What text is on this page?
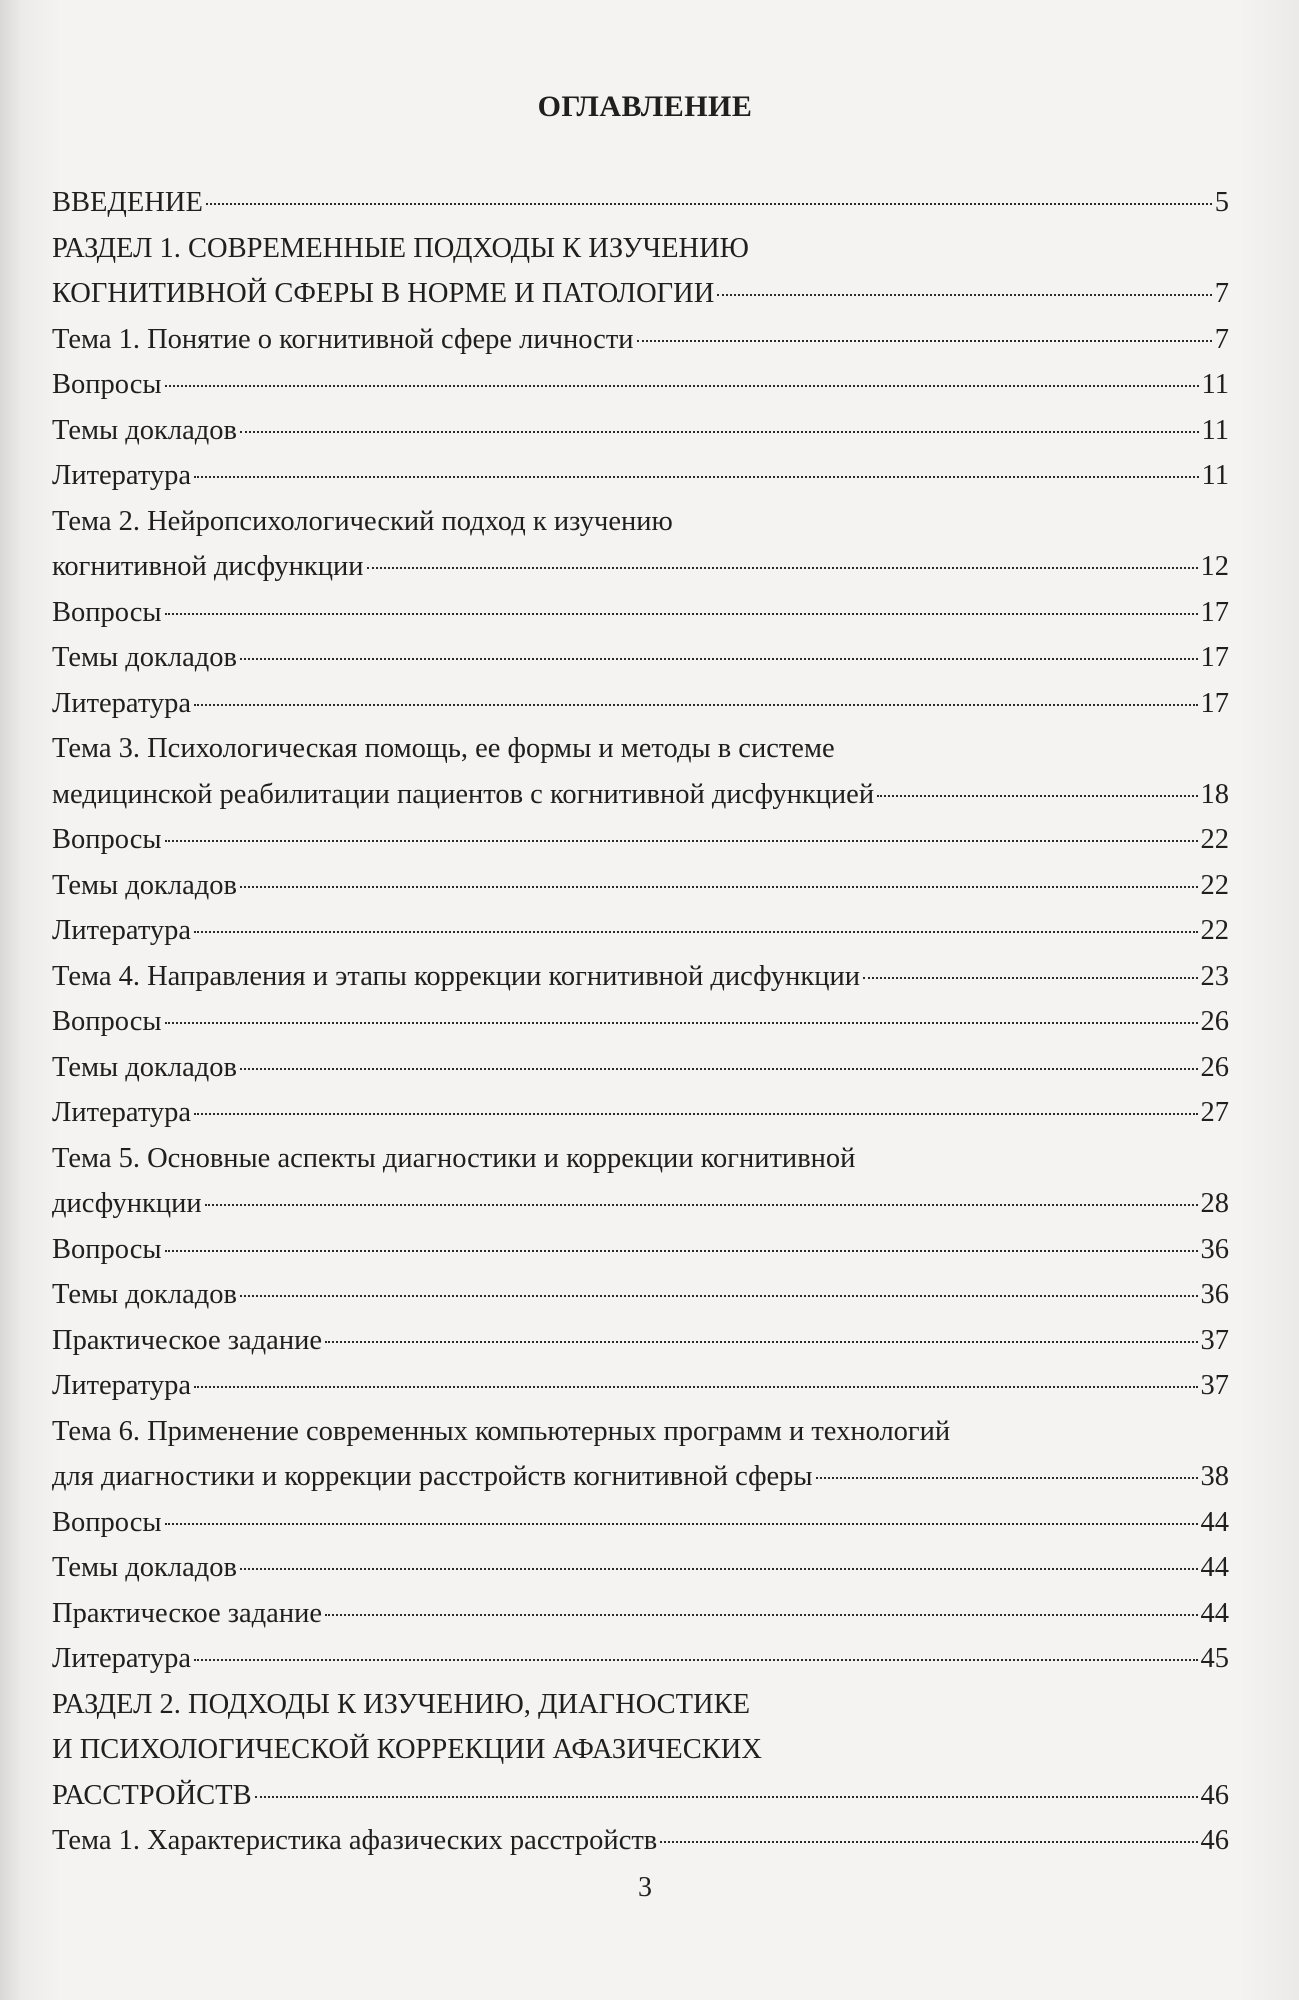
ОГЛАВЛЕНИЕ
ВВЕДЕНИЕ	5
РАЗДЕЛ 1. СОВРЕМЕННЫЕ ПОДХОДЫ К ИЗУЧЕНИЮ
КОГНИТИВНОЙ СФЕРЫ В НОРМЕ И ПАТОЛОГИИ	7
Тема 1. Понятие о когнитивной сфере личности	7
Вопросы	11
Темы докладов	11
Литература	11
Тема 2. Нейропсихологический подход к изучению
когнитивной дисфункции	12
Вопросы	17
Темы докладов	17
Литература	17
Тема 3. Психологическая помощь, ее формы и методы в системе
медицинской реабилитации пациентов с когнитивной дисфункцией	18
Вопросы	22
Темы докладов	22
Литература	22
Тема 4. Направления и этапы коррекции когнитивной дисфункции	23
Вопросы	26
Темы докладов	26
Литература	27
Тема 5. Основные аспекты диагностики и коррекции когнитивной
дисфункции	28
Вопросы	36
Темы докладов	36
Практическое задание	37
Литература	37
Тема 6. Применение современных компьютерных программ и технологий
для диагностики и коррекции расстройств когнитивной сферы	38
Вопросы	44
Темы докладов	44
Практическое задание	44
Литература	45
РАЗДЕЛ 2. ПОДХОДЫ К ИЗУЧЕНИЮ, ДИАГНОСТИКЕ
И ПСИХОЛОГИЧЕСКОЙ КОРРЕКЦИИ АФАЗИЧЕСКИХ
РАССТРОЙСТВ	46
Тема 1. Характеристика афазических расстройств	46
3
